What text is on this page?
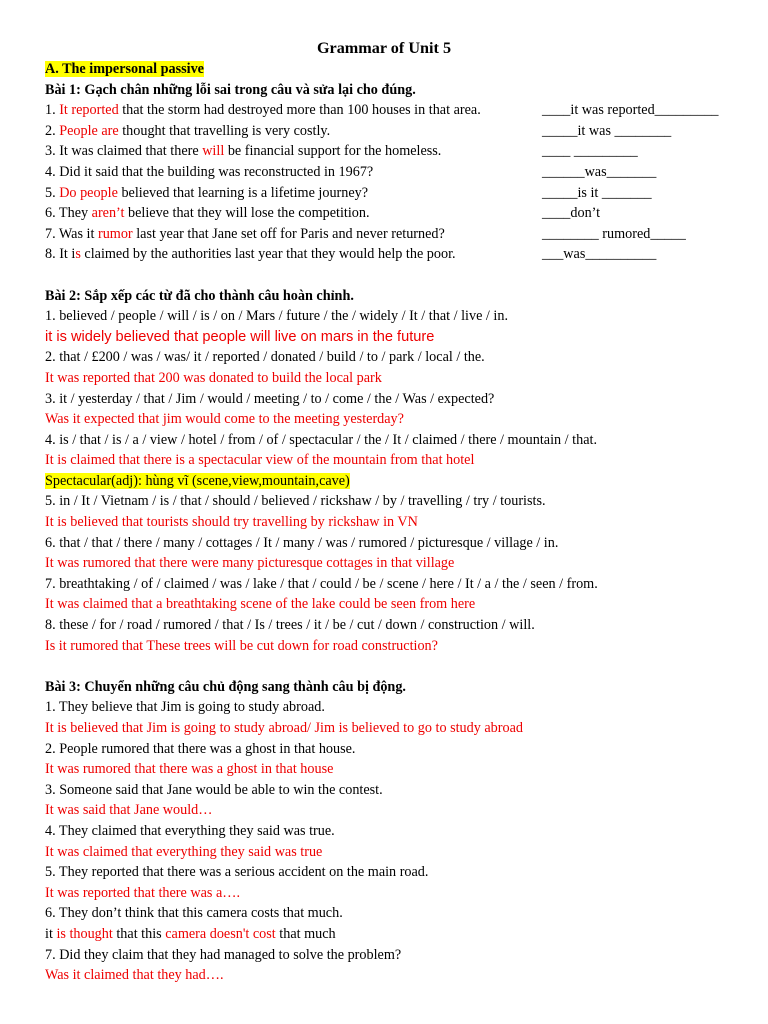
Grammar of Unit 5
A. The impersonal passive
Bài 1: Gạch chân những lỗi sai trong câu và sửa lại cho đúng.
1. It reported that the storm had destroyed more than 100 houses in that area.	____it was reported_________
2. People are thought that travelling is very costly.	_____it was ________
3. It was claimed that there will be financial support for the homeless.	____ _________
4. Did it said that the building was reconstructed in 1967?	______was_______
5. Do people believed that learning is a lifetime journey?	_____is it _______
6. They aren’t believe that they will lose the competition.	____don’t
7. Was it rumor last year that Jane set off for Paris and never returned?	________ rumored_____
8. It is claimed by the authorities last year that they would help the poor.	___was__________
Bài 2: Sắp xếp các từ đã cho thành câu hoàn chỉnh.
1. believed / people / will / is / on / Mars / future / the / widely / It / that / live / in.
it is widely believed that people will live on mars in the future
2. that / £200 / was / was/ it / reported / donated / build / to / park / local / the.
It was reported that 200 was donated to build the local park
3. it / yesterday / that / Jim / would / meeting / to / come / the / Was / expected?
Was it expected that jim would come to the meeting yesterday?
4. is / that / is / a / view / hotel / from / of / spectacular / the / It / claimed / there / mountain / that.
It is claimed that there is a spectacular view of the mountain from that hotel
Spectacular(adj): hùng vĩ (scene,view,mountain,cave)
5. in / It / Vietnam / is / that / should / believed / rickshaw / by / travelling / try / tourists.
It is believed that tourists should try travelling by rickshaw in VN
6. that / that / there / many / cottages / It / many / was / rumored / picturesque / village / in.
It was rumored that there were many picturesque cottages in that village
7. breathtaking / of / claimed / was / lake / that / could / be / scene / here / It / a / the / seen / from.
It was claimed that a breathtaking scene of the lake could be seen from here
8. these / for / road / rumored / that / Is / trees / it / be / cut / down / construction / will.
Is it rumored that These trees will be cut down for road construction?
Bài 3: Chuyển những câu chủ động sang thành câu bị động.
1. They believe that Jim is going to study abroad.
It is believed that Jim is going to study abroad/ Jim is believed to go to study abroad
2. People rumored that there was a ghost in that house.
It was rumored that there was a ghost in that house
3. Someone said that Jane would be able to win the contest.
It was said that Jane would…
4. They claimed that everything they said was true.
It was claimed that everything they said was true
5. They reported that there was a serious accident on the main road.
It was reported that there was a….
6. They don’t think that this camera costs that much.
it is thought that this camera doesn't cost that much
7. Did they claim that they had managed to solve the problem?
Was it claimed that they had….
